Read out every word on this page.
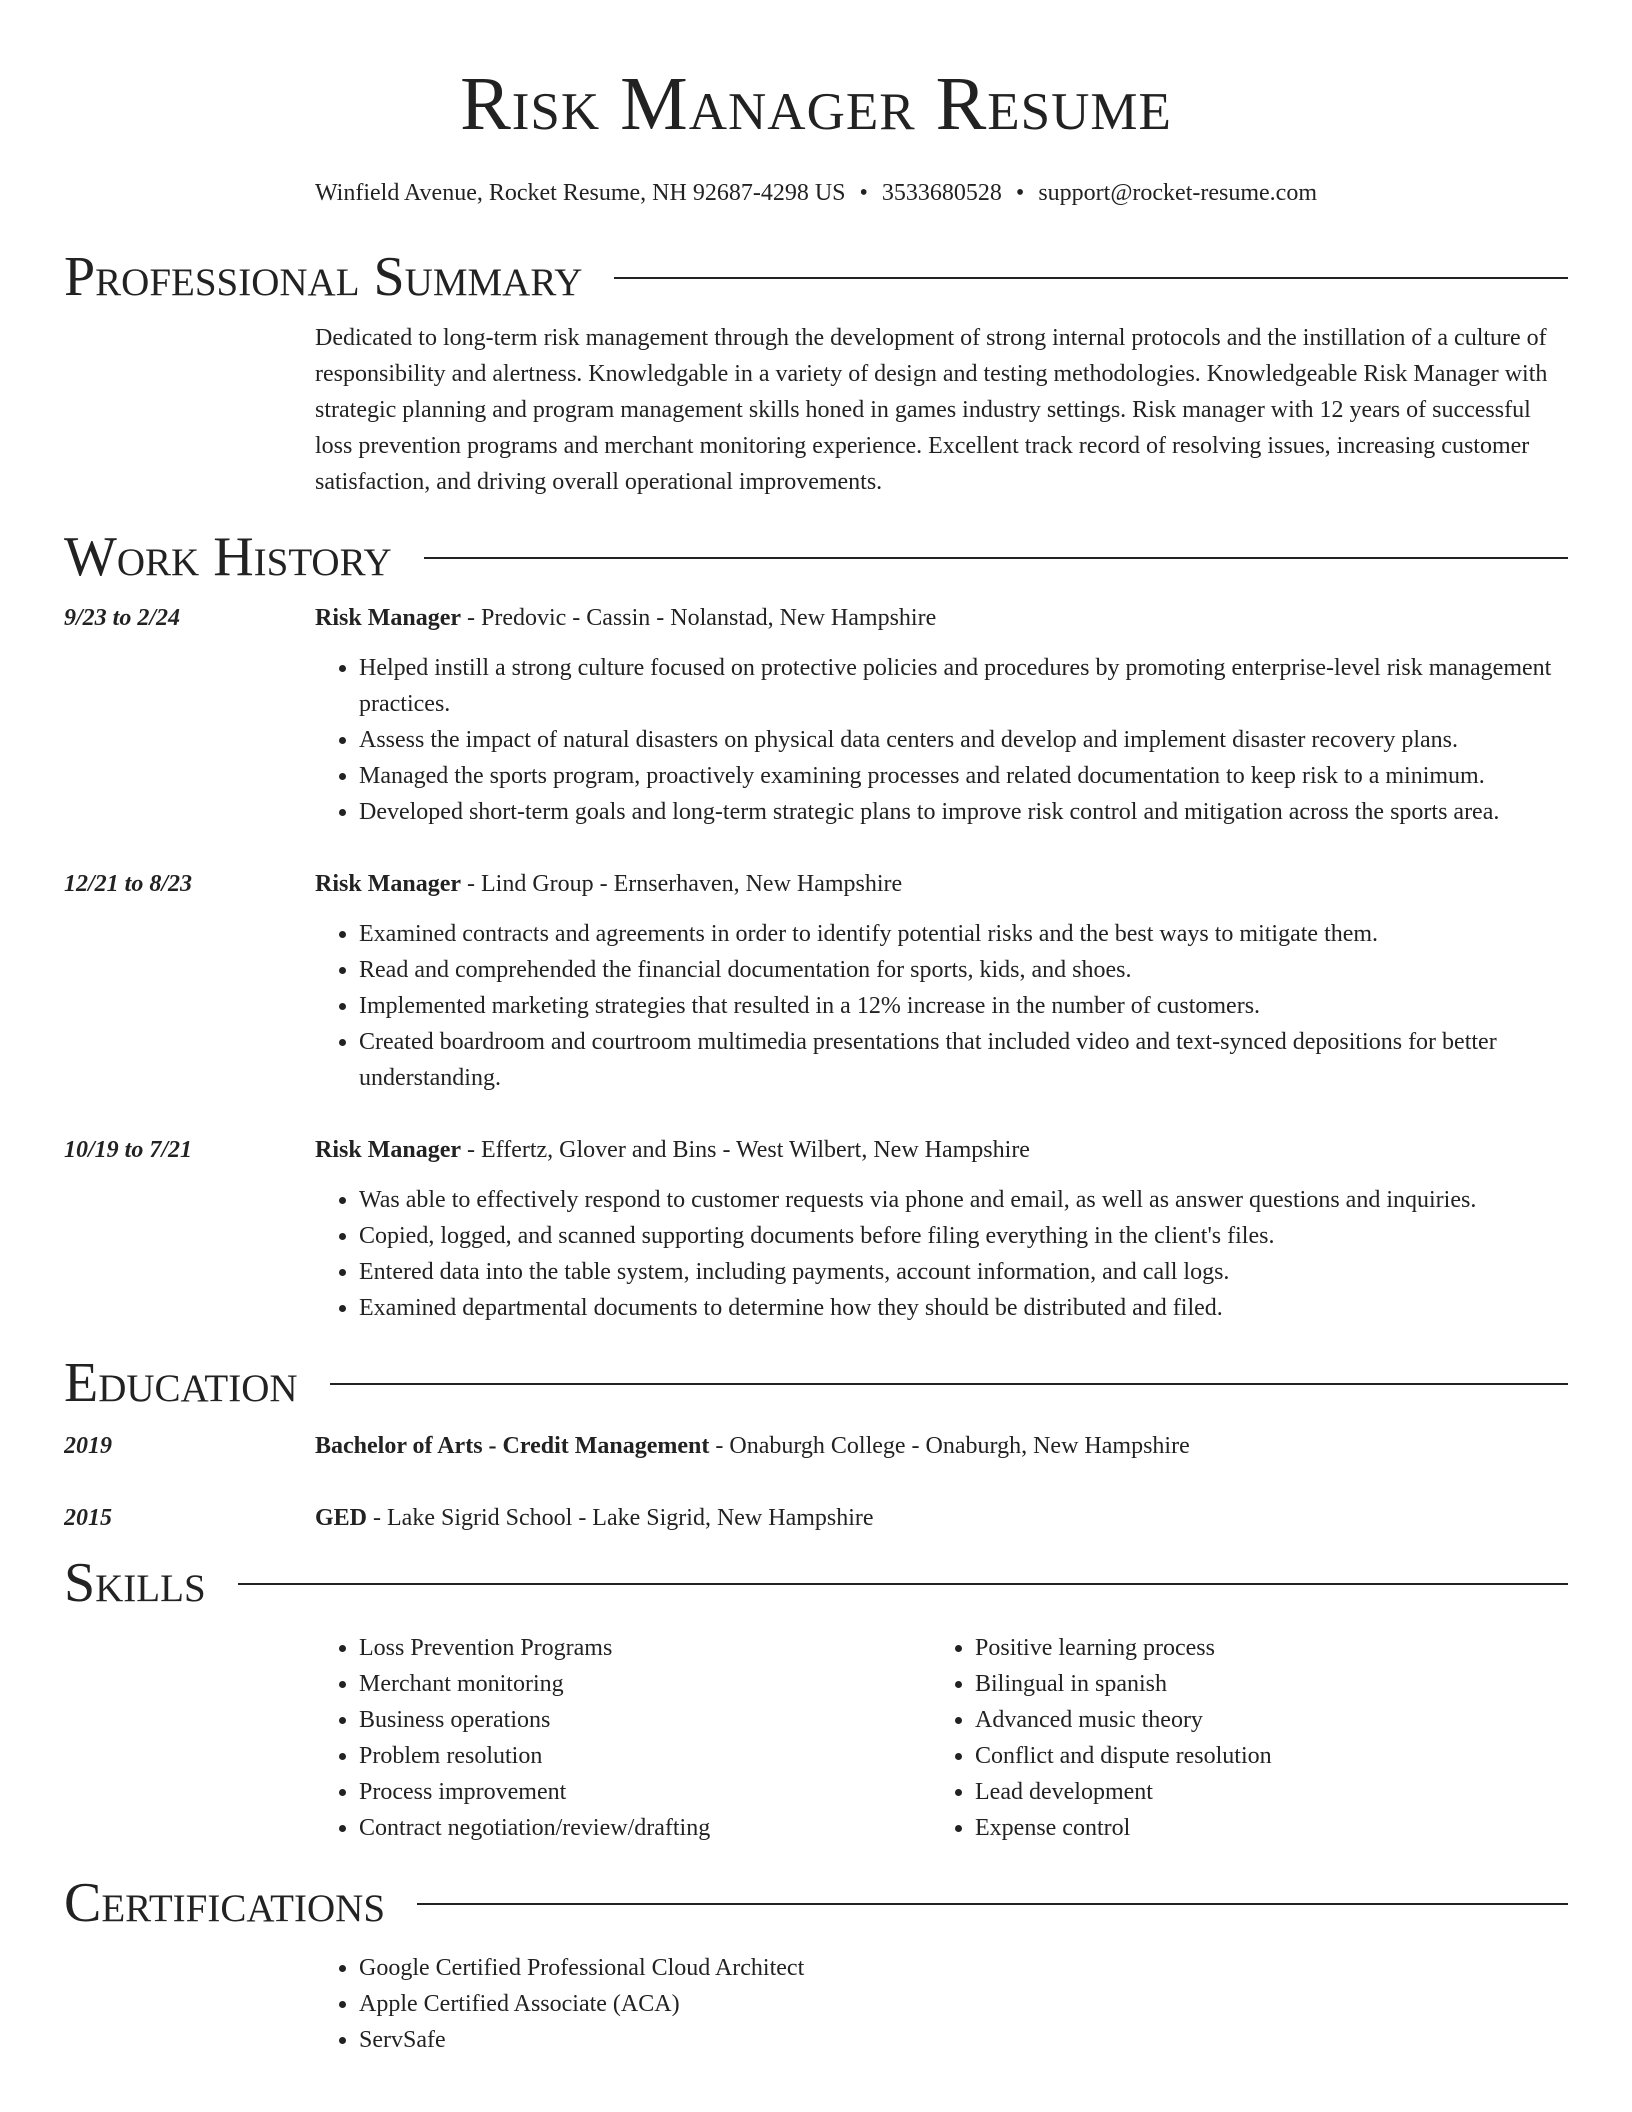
Risk Manager Resume
Winfield Avenue, Rocket Resume, NH 92687-4298 US • 3533680528 • support@rocket-resume.com
Professional Summary
Dedicated to long-term risk management through the development of strong internal protocols and the instillation of a culture of responsibility and alertness. Knowledgable in a variety of design and testing methodologies. Knowledgeable Risk Manager with strategic planning and program management skills honed in games industry settings. Risk manager with 12 years of successful loss prevention programs and merchant monitoring experience. Excellent track record of resolving issues, increasing customer satisfaction, and driving overall operational improvements.
Work History
9/23 to 2/24	Risk Manager - Predovic - Cassin - Nolanstad, New Hampshire
• Helped instill a strong culture focused on protective policies and procedures by promoting enterprise-level risk management practices.
• Assess the impact of natural disasters on physical data centers and develop and implement disaster recovery plans.
• Managed the sports program, proactively examining processes and related documentation to keep risk to a minimum.
• Developed short-term goals and long-term strategic plans to improve risk control and mitigation across the sports area.
12/21 to 8/23	Risk Manager - Lind Group - Ernserhaven, New Hampshire
• Examined contracts and agreements in order to identify potential risks and the best ways to mitigate them.
• Read and comprehended the financial documentation for sports, kids, and shoes.
• Implemented marketing strategies that resulted in a 12% increase in the number of customers.
• Created boardroom and courtroom multimedia presentations that included video and text-synced depositions for better understanding.
10/19 to 7/21	Risk Manager - Effertz, Glover and Bins - West Wilbert, New Hampshire
• Was able to effectively respond to customer requests via phone and email, as well as answer questions and inquiries.
• Copied, logged, and scanned supporting documents before filing everything in the client's files.
• Entered data into the table system, including payments, account information, and call logs.
• Examined departmental documents to determine how they should be distributed and filed.
Education
2019	Bachelor of Arts - Credit Management - Onaburgh College - Onaburgh, New Hampshire
2015	GED - Lake Sigrid School - Lake Sigrid, New Hampshire
Skills
• Loss Prevention Programs
• Merchant monitoring
• Business operations
• Problem resolution
• Process improvement
• Contract negotiation/review/drafting
• Positive learning process
• Bilingual in spanish
• Advanced music theory
• Conflict and dispute resolution
• Lead development
• Expense control
Certifications
• Google Certified Professional Cloud Architect
• Apple Certified Associate (ACA)
• ServSafe
